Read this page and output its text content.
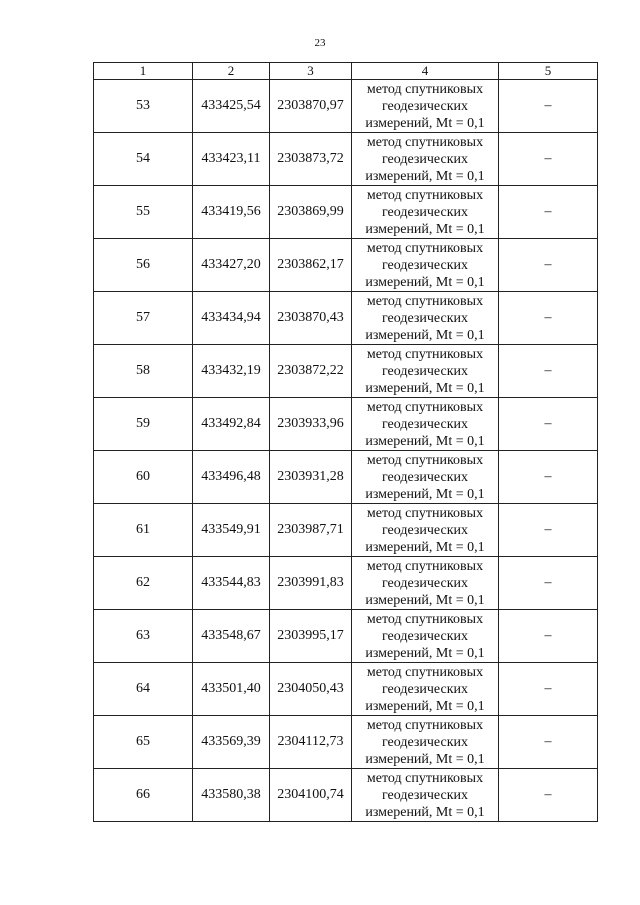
23
1	2	3	4	5
53	433425,54	2303870,97	метод спутниковых
геодезических
измерений, Mt = 0,1	–
54	433423,11	2303873,72	метод спутниковых
геодезических
измерений, Mt = 0,1	–
55	433419,56	2303869,99	метод спутниковых
геодезических
измерений, Mt = 0,1	–
56	433427,20	2303862,17	метод спутниковых
геодезических
измерений, Mt = 0,1	–
57	433434,94	2303870,43	метод спутниковых
геодезических
измерений, Mt = 0,1	–
58	433432,19	2303872,22	метод спутниковых
геодезических
измерений, Mt = 0,1	–
59	433492,84	2303933,96	метод спутниковых
геодезических
измерений, Mt = 0,1	–
60	433496,48	2303931,28	метод спутниковых
геодезических
измерений, Mt = 0,1	–
61	433549,91	2303987,71	метод спутниковых
геодезических
измерений, Mt = 0,1	–
62	433544,83	2303991,83	метод спутниковых
геодезических
измерений, Mt = 0,1	–
63	433548,67	2303995,17	метод спутниковых
геодезических
измерений, Mt = 0,1	–
64	433501,40	2304050,43	метод спутниковых
геодезических
измерений, Mt = 0,1	–
65	433569,39	2304112,73	метод спутниковых
геодезических
измерений, Mt = 0,1	–
66	433580,38	2304100,74	метод спутниковых
геодезических
измерений, Mt = 0,1	–
